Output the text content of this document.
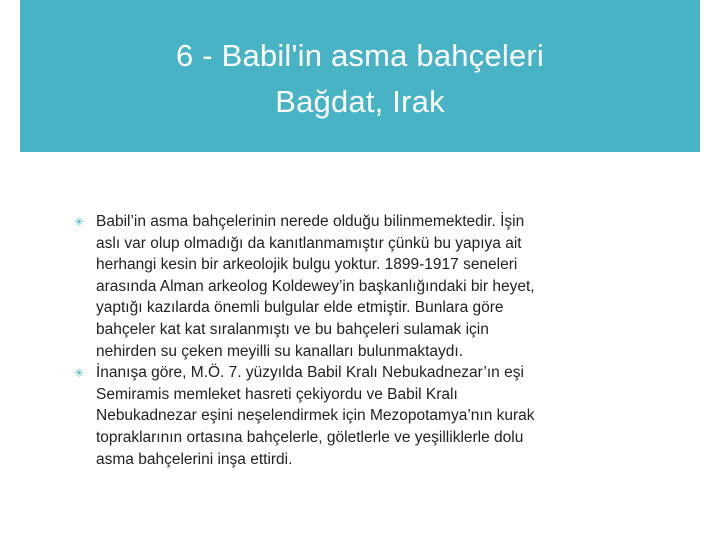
6 - Babil'in asma bahçeleri
Bağdat, Irak
✳ Babil’in asma bahçelerinin nerede olduğu bilinmemektedir. İşin
aslı var olup olmadığı da kanıtlanmamıştır çünkü bu yapıya ait
herhangi kesin bir arkeolojik bulgu yoktur. 1899-1917 seneleri
arasında Alman arkeolog Koldewey’in başkanlığındaki bir heyet,
yaptığı kazılarda önemli bulgular elde etmiştir. Bunlara göre
bahçeler kat kat sıralanmıştı ve bu bahçeleri sulamak için
nehirden su çeken meyilli su kanalları bulunmaktaydı.
✳ İnanışa göre, M.Ö. 7. yüzyılda Babil Kralı Nebukadnezar’ın eşi
Semiramis memleket hasreti çekiyordu ve Babil Kralı
Nebukadnezar eşini neşelendirmek için Mezopotamya’nın kurak
topraklarının ortasına bahçelerle, göletlerle ve yeşilliklerle dolu
asma bahçelerini inşa ettirdi.
